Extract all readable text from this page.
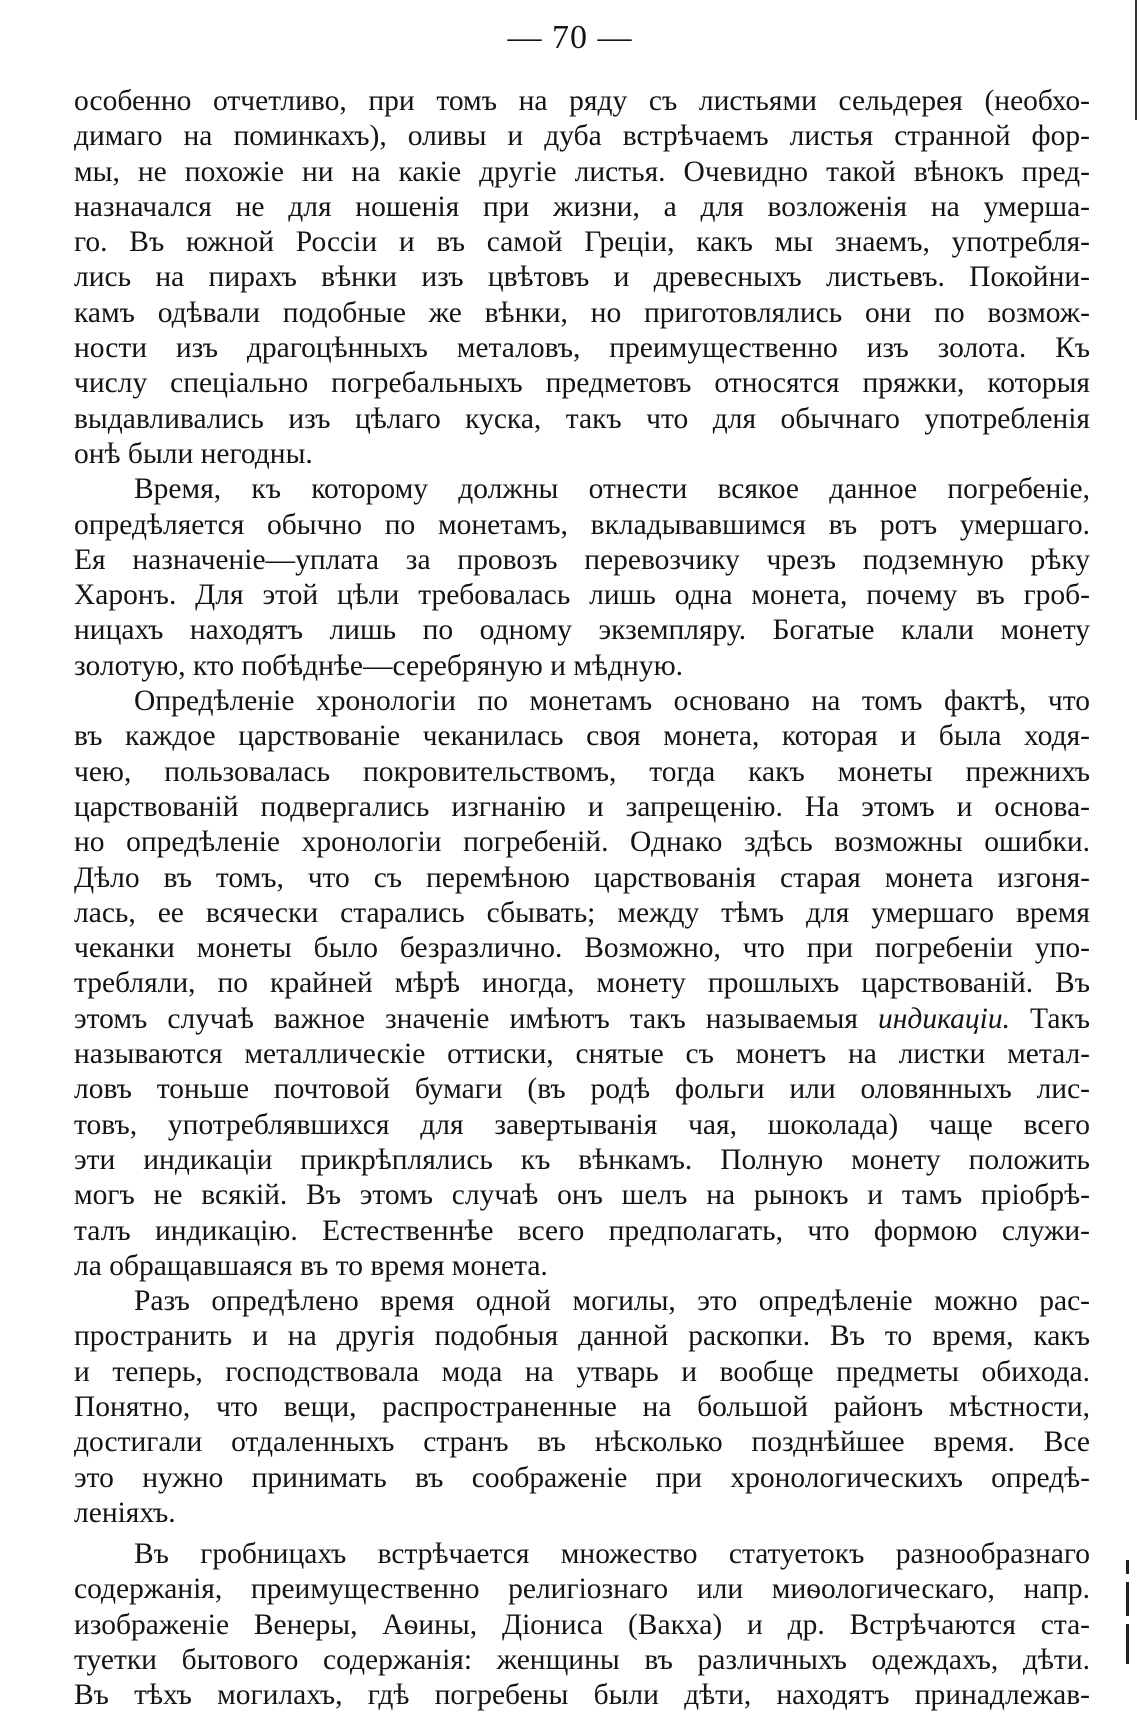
— 70 —

особенно отчетливо, при томъ на ряду съ листьями сельдерея (необхо-
димаго на поминкахъ), оливы и дуба встрѣчаемъ листья странной фор-
мы, не похожіе ни на какіе другіе листья. Очевидно такой вѣнокъ пред-
назначался не для ношенія при жизни, а для возложенія на умерша-
го. Въ южной Россіи и въ самой Греціи, какъ мы знаемъ, употребля-
лись на пирахъ вѣнки изъ цвѣтовъ и древесныхъ листьевъ. Покойни-
камъ одѣвали подобные же вѣнки, но приготовлялись они по возмож-
ности изъ драгоцѣнныхъ металовъ, преимущественно изъ золота. Къ
числу спеціально погребальныхъ предметовъ относятся пряжки, которыя
выдавливались изъ цѣлаго куска, такъ что для обычнаго употребленія
онѣ были негодны.

Время, къ которому должны отнести всякое данное погребеніе,
опредѣляется обычно по монетамъ, вкладывавшимся въ ротъ умершаго.
Ея назначеніе—уплата за провозъ перевозчику чрезъ подземную рѣку
Харонъ. Для этой цѣли требовалась лишь одна монета, почему въ гроб-
ницахъ находятъ лишь по одному экземпляру. Богатые клали монету
золотую, кто побѣднѣе—серебряную и мѣдную.

Опредѣленіе хронологіи по монетамъ основано на томъ фактѣ, что
въ каждое царствованіе чеканилась своя монета, которая и была ходя-
чею, пользовалась покровительствомъ, тогда какъ монеты прежнихъ
царствованій подвергались изгнанію и запрещенію. На этомъ и основа-
но опредѣленіе хронологіи погребеній. Однако здѣсь возможны ошибки.
Дѣло въ томъ, что съ перемѣною царствованія старая монета изгоня-
лась, ее всячески старались сбывать; между тѣмъ для умершаго время
чеканки монеты было безразлично. Возможно, что при погребеніи упо-
требляли, по крайней мѣрѣ иногда, монету прошлыхъ царствованій. Въ
этомъ случаѣ важное значеніе имѣютъ такъ называемыя индикаціи. Такъ
называются металлическіе оттиски, снятые съ монетъ на листки метал-
ловъ тоньше почтовой бумаги (въ родѣ фольги или оловянныхъ лис-
товъ, употреблявшихся для завертыванія чая, шоколада) чаще всего
эти индикаціи прикрѣплялись къ вѣнкамъ. Полную монету положить
могъ не всякій. Въ этомъ случаѣ онъ шелъ на рынокъ и тамъ пріобрѣ-
талъ индикацію. Естественнѣе всего предполагать, что формою служи-
ла обращавшаяся въ то время монета.

Разъ опредѣлено время одной могилы, это опредѣленіе можно рас-
пространить и на другія подобныя данной раскопки. Въ то время, какъ
и теперь, господствовала мода на утварь и вообще предметы обихода.
Понятно, что вещи, распространенные на большой районъ мѣстности,
достигали отдаленныхъ странъ въ нѣсколько позднѣйшее время. Все
это нужно принимать въ соображеніе при хронологическихъ опредѣ-
леніяхъ.

Въ гробницахъ встрѣчается множество статуетокъ разнообразнаго
содержанія, преимущественно религіознаго или миѳологическаго, напр.
изображеніе Венеры, Аѳины, Діониса (Вакха) и др. Встрѣчаются ста-
туетки бытового содержанія: женщины въ различныхъ одеждахъ, дѣти.
Въ тѣхъ могилахъ, гдѣ погребены были дѣти, находятъ принадлежав-
